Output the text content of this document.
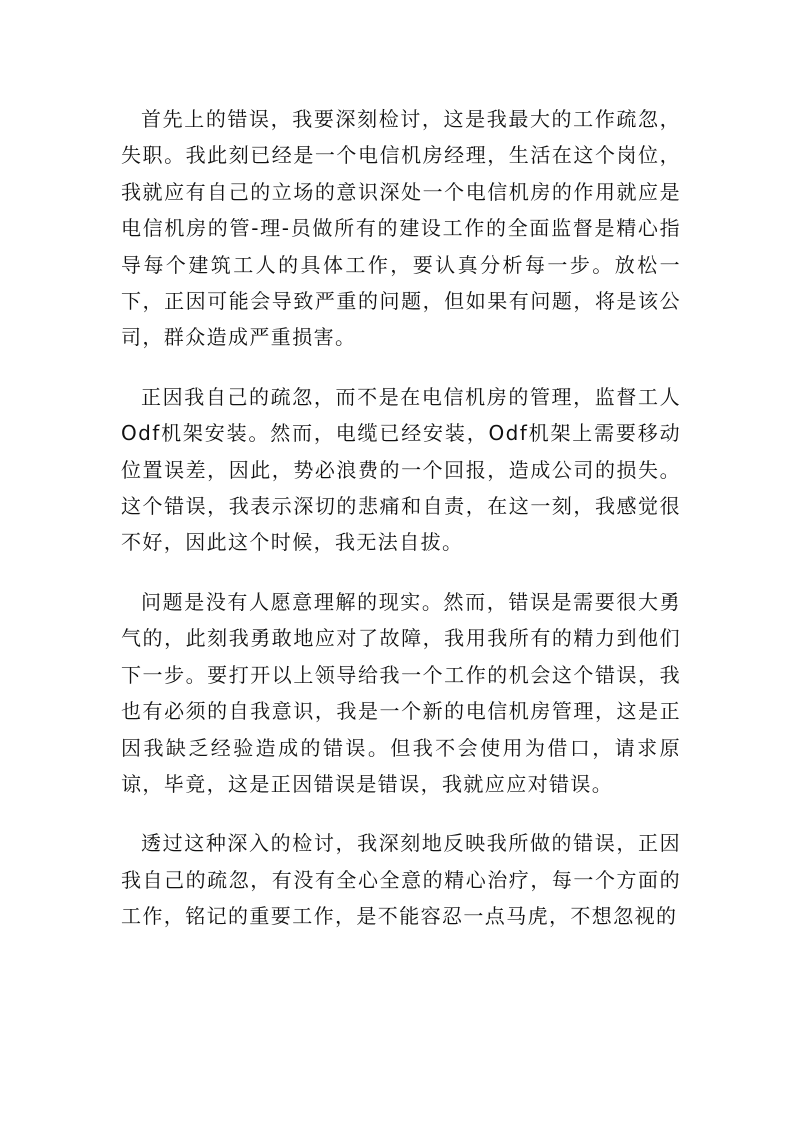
首先上的错误，我要深刻检讨，这是我最大的工作疏忽，失职。我此刻已经是一个电信机房经理，生活在这个岗位，我就应有自己的立场的意识深处一个电信机房的作用就应是电信机房的管-理-员做所有的建设工作的全面监督是精心指导每个建筑工人的具体工作，要认真分析每一步。放松一下，正因可能会导致严重的问题，但如果有问题，将是该公司，群众造成严重损害。

正因我自己的疏忽，而不是在电信机房的管理，监督工人Odf机架安装。然而，电缆已经安装，Odf机架上需要移动位置误差，因此，势必浪费的一个回报，造成公司的损失。这个错误，我表示深切的悲痛和自责，在这一刻，我感觉很不好，因此这个时候，我无法自拔。

问题是没有人愿意理解的现实。然而，错误是需要很大勇气的，此刻我勇敢地应对了故障，我用我所有的精力到他们下一步。要打开以上领导给我一个工作的机会这个错误，我也有必须的自我意识，我是一个新的电信机房管理，这是正因我缺乏经验造成的错误。但我不会使用为借口，请求原谅，毕竟，这是正因错误是错误，我就应应对错误。

透过这种深入的检讨，我深刻地反映我所做的错误，正因我自己的疏忽，有没有全心全意的精心治疗，每一个方面的工作，铭记的重要工作，是不能容忍一点马虎，不想忽视的
